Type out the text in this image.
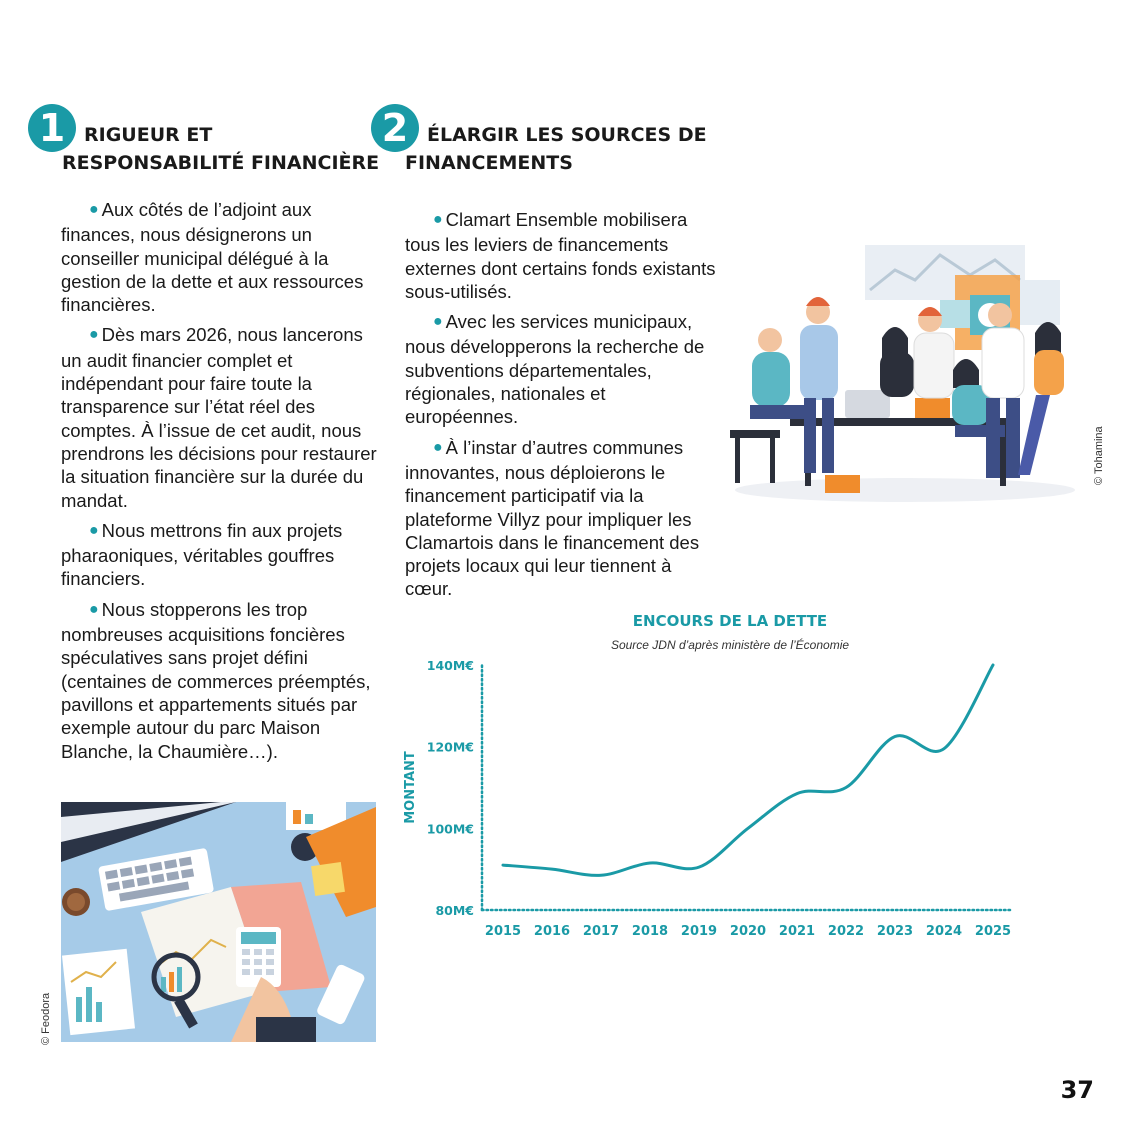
1 RIGUEUR ET
RESPONSABILITÉ FINANCIÈRE

● Aux côtés de l’adjoint aux finances, nous désignerons un conseiller municipal délégué à la gestion de la dette et aux ressources financières.

● Dès mars 2026, nous lancerons un audit financier complet et indépendant pour faire toute la transparence sur l’état réel des comptes. À l’issue de cet audit, nous prendrons les décisions pour restaurer la situation financière sur la durée du mandat.

● Nous mettrons fin aux projets pharaoniques, véritables gouffres financiers.

● Nous stopperons les trop nombreuses acquisitions foncières spéculatives sans projet défini (centaines de commerces préemptés, pavillons et appartements situés par exemple autour du parc Maison Blanche, la Chaumière…).

2 ÉLARGIR LES SOURCES DE
FINANCEMENTS

● Clamart Ensemble mobilisera tous les leviers de financements externes dont certains fonds existants sous-utilisés.

● Avec les services municipaux, nous développerons la recherche de subventions départementales, régionales, nationales et européennes.

● À l’instar d’autres communes innovantes, nous déploierons le financement participatif via la plateforme Villyz pour impliquer les Clamartois dans le financement des projets locaux qui leur tiennent à cœur.

© Tohamina
© Feodora
ENCOURS DE LA DETTE
Source JDN d’après ministère de l’Économie
80M€
100M€
120M€
140M€
2015 2016 2017 2018 2019 2020 2021 2022 2023 2024 2025
MONTANT
37
